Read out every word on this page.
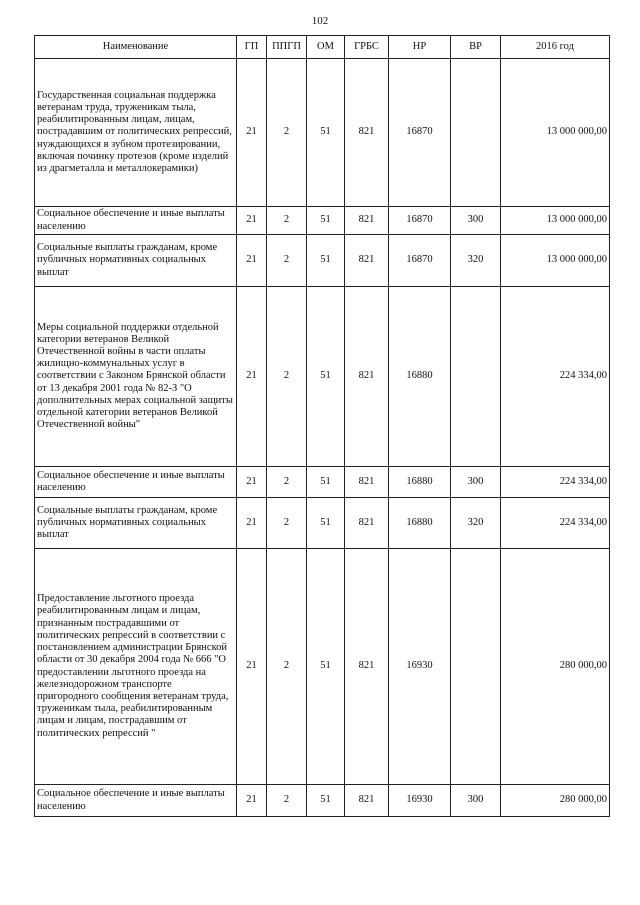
102
Наименование	ГП	ППГП	ОМ	ГРБС	НР	ВР	2016 год
Государственная социальная поддержка ветеранам труда, труженикам тыла, реабилитированным лицам, лицам, пострадавшим от политических репрессий, нуждающихся в зубном протезировании, включая починку протезов (кроме изделий из драгметалла и металлокерамики)	21	2	51	821	16870		13 000 000,00
Социальное обеспечение и иные выплаты населению	21	2	51	821	16870	300	13 000 000,00
Социальные выплаты гражданам, кроме публичных нормативных социальных выплат	21	2	51	821	16870	320	13 000 000,00
Меры социальной поддержки отдельной категории ветеранов Великой Отечественной войны в части оплаты жилищно-коммунальных услуг в соответствии с Законом Брянской области от 13 декабря 2001 года № 82-З "О дополнительных мерах социальной защиты отдельной категории ветеранов Великой Отечественной войны"	21	2	51	821	16880		224 334,00
Социальное обеспечение и иные выплаты населению	21	2	51	821	16880	300	224 334,00
Социальные выплаты гражданам, кроме публичных нормативных социальных выплат	21	2	51	821	16880	320	224 334,00
Предоставление льготного проезда реабилитированным лицам и лицам, признанным пострадавшими от политических репрессий в соответствии с постановлением администрации Брянской области от 30 декабря 2004 года № 666 "О предоставлении льготного проезда на железнодорожном транспорте пригородного сообщения ветеранам труда, труженикам тыла, реабилитированным лицам и лицам, пострадавшим от политических репрессий "	21	2	51	821	16930		280 000,00
Социальное обеспечение и иные выплаты населению	21	2	51	821	16930	300	280 000,00
